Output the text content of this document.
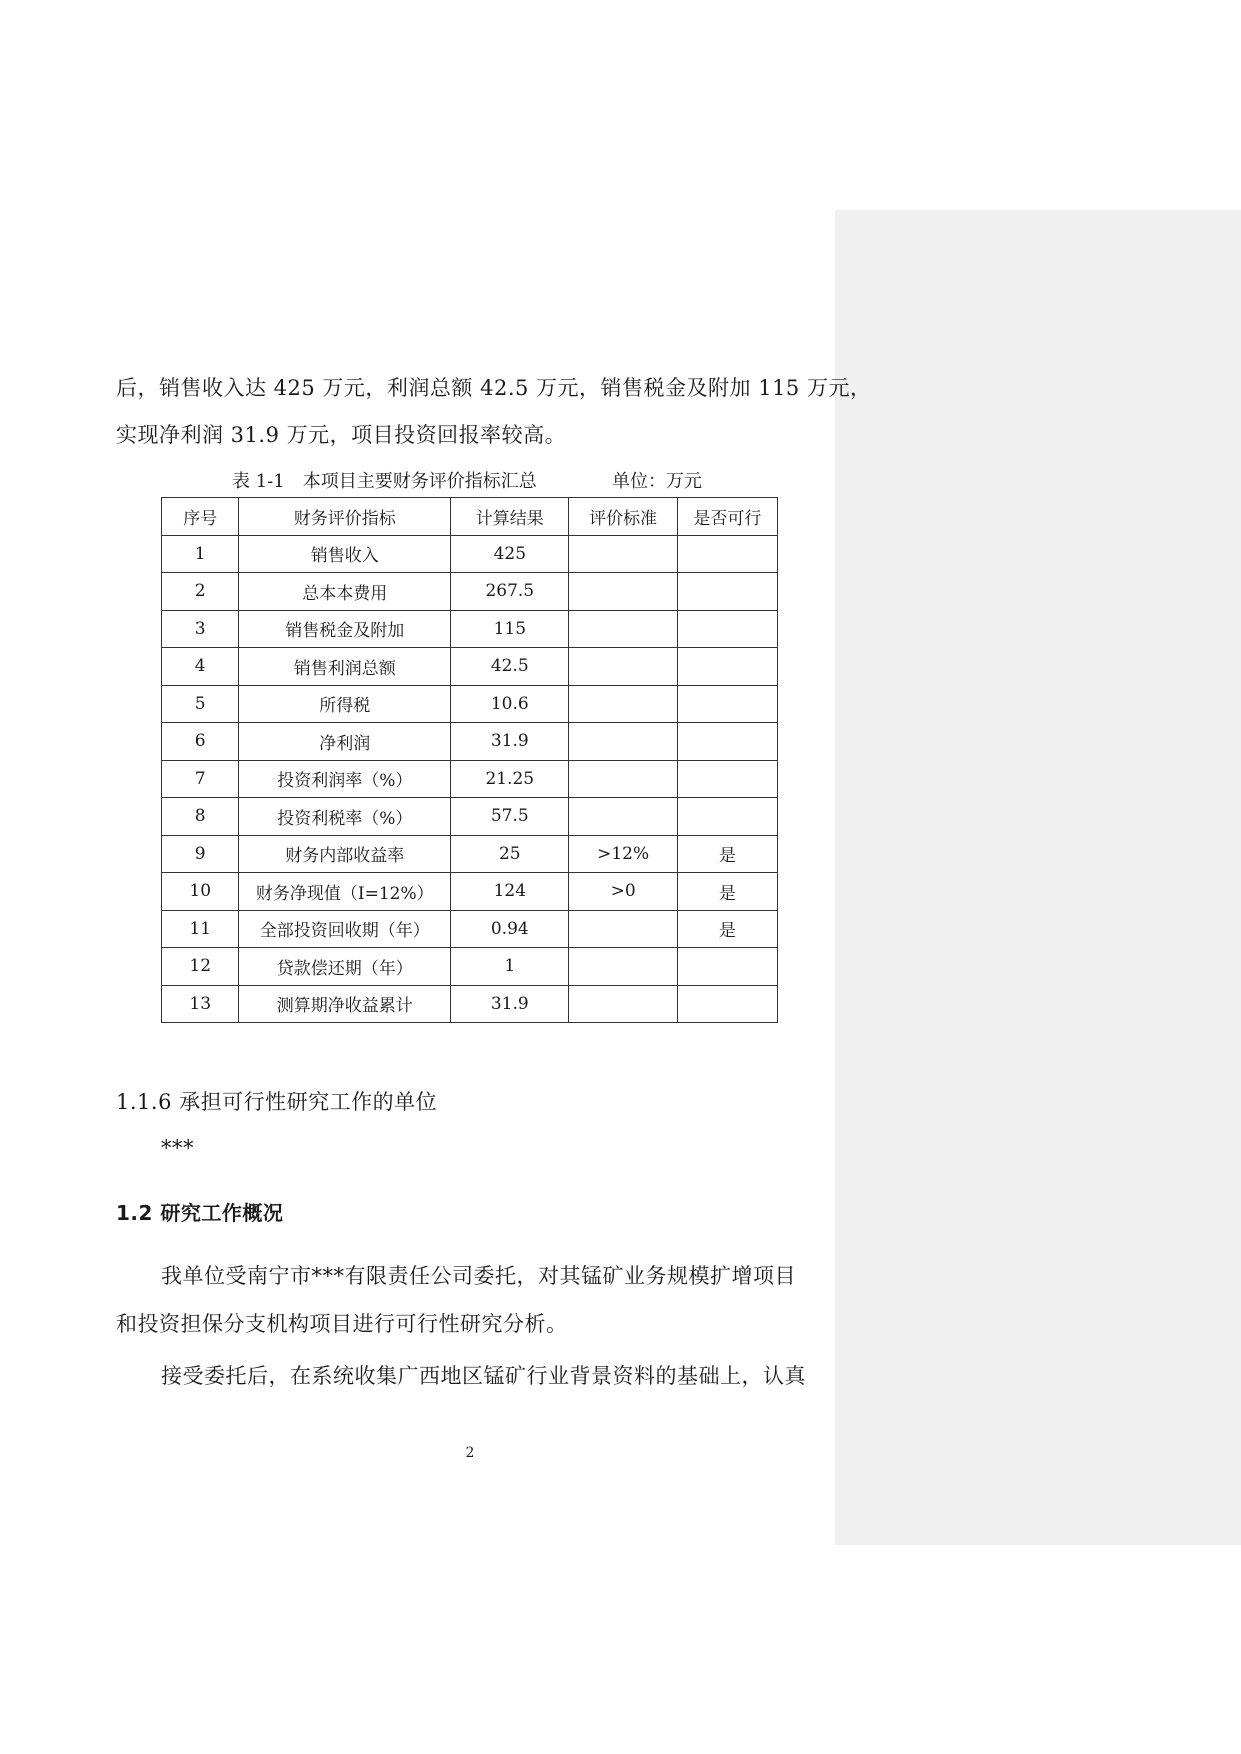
后，销售收入达 425 万元，利润总额 42.5 万元，销售税金及附加 115 万元，
实现净利润 31.9 万元，项目投资回报率较高。
表 1-1　本项目主要财务评价指标汇总	单位：万元
序号	财务评价指标	计算结果	评价标准	是否可行
1	销售收入	425		
2	总本本费用	267.5		
3	销售税金及附加	115		
4	销售利润总额	42.5		
5	所得税	10.6		
6	净利润	31.9		
7	投资利润率（%）	21.25		
8	投资利税率（%）	57.5		
9	财务内部收益率	25	>12%	是
10	财务净现值（I=12%）	124	>0	是
11	全部投资回收期（年）	0.94		是
12	贷款偿还期（年）	1		
13	测算期净收益累计	31.9		
1.1.6 承担可行性研究工作的单位
***
1.2 研究工作概况
我单位受南宁市***有限责任公司委托，对其锰矿业务规模扩增项目
和投资担保分支机构项目进行可行性研究分析。
接受委托后，在系统收集广西地区锰矿行业背景资料的基础上，认真
2
